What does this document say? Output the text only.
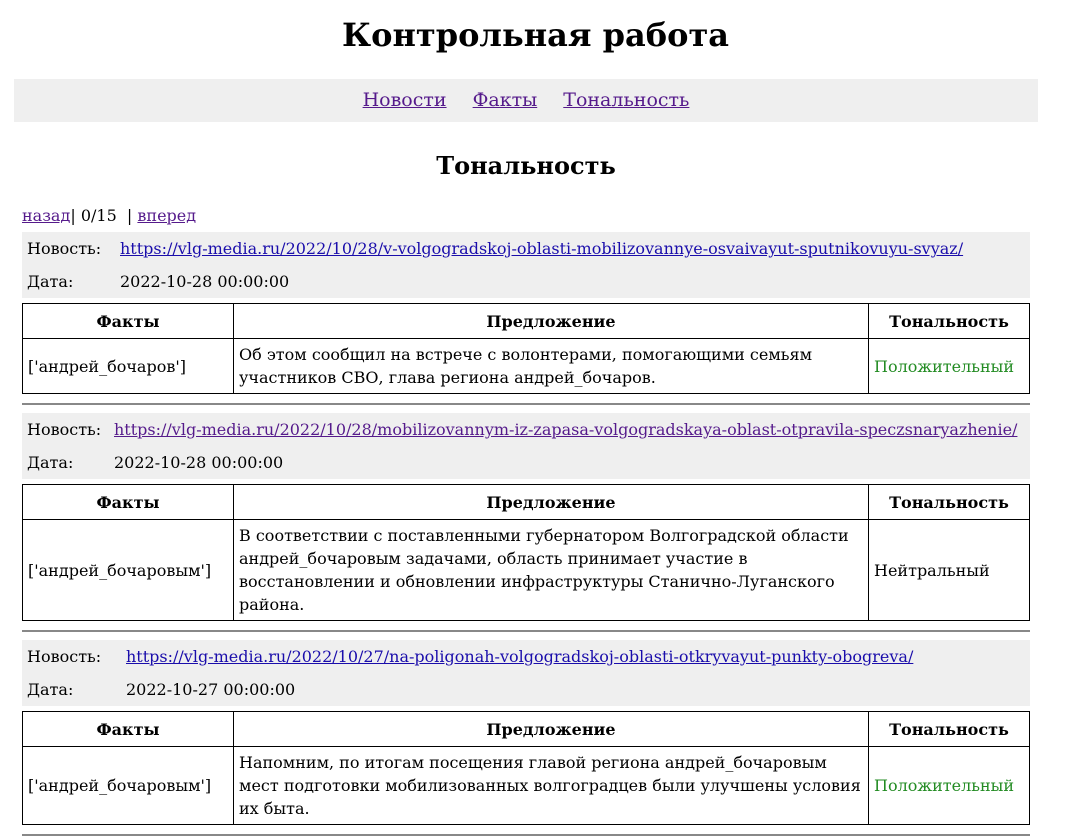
Контрольная работа
Новости Факты Тональность
Тональность
назад| 0/15 | вперед
Новость:	https://vlg-media.ru/2022/10/28/v-volgogradskoj-oblasti-mobilizovannye-osvaivayut-sputnikovuyu-svyaz/
Дата:	2022-10-28 00:00:00
Факты	Предложение	Тональность
['андрей_бочаров']	Об этом сообщил на встрече с волонтерами, помогающими семьям участников СВО, глава региона андрей_бочаров.	Положительный
Новость: https://vlg-media.ru/2022/10/28/mobilizovannym-iz-zapasa-volgogradskaya-oblast-otpravila-speczsnaryazhenie/
Дата:	2022-10-28 00:00:00
Факты	Предложение	Тональность
['андрей_бочаровым']	В соответствии с поставленными губернатором Волгоградской области андрей_бочаровым задачами, область принимает участие в восстановлении и обновлении инфраструктуры Станично-Луганского района.	Нейтральный
Новость:	https://vlg-media.ru/2022/10/27/na-poligonah-volgogradskoj-oblasti-otkryvayut-punkty-obogreva/
Дата:	2022-10-27 00:00:00
Факты	Предложение	Тональность
['андрей_бочаровым']	Напомним, по итогам посещения главой региона андрей_бочаровым мест подготовки мобилизованных волгоградцев были улучшены условия их быта.	Положительный
